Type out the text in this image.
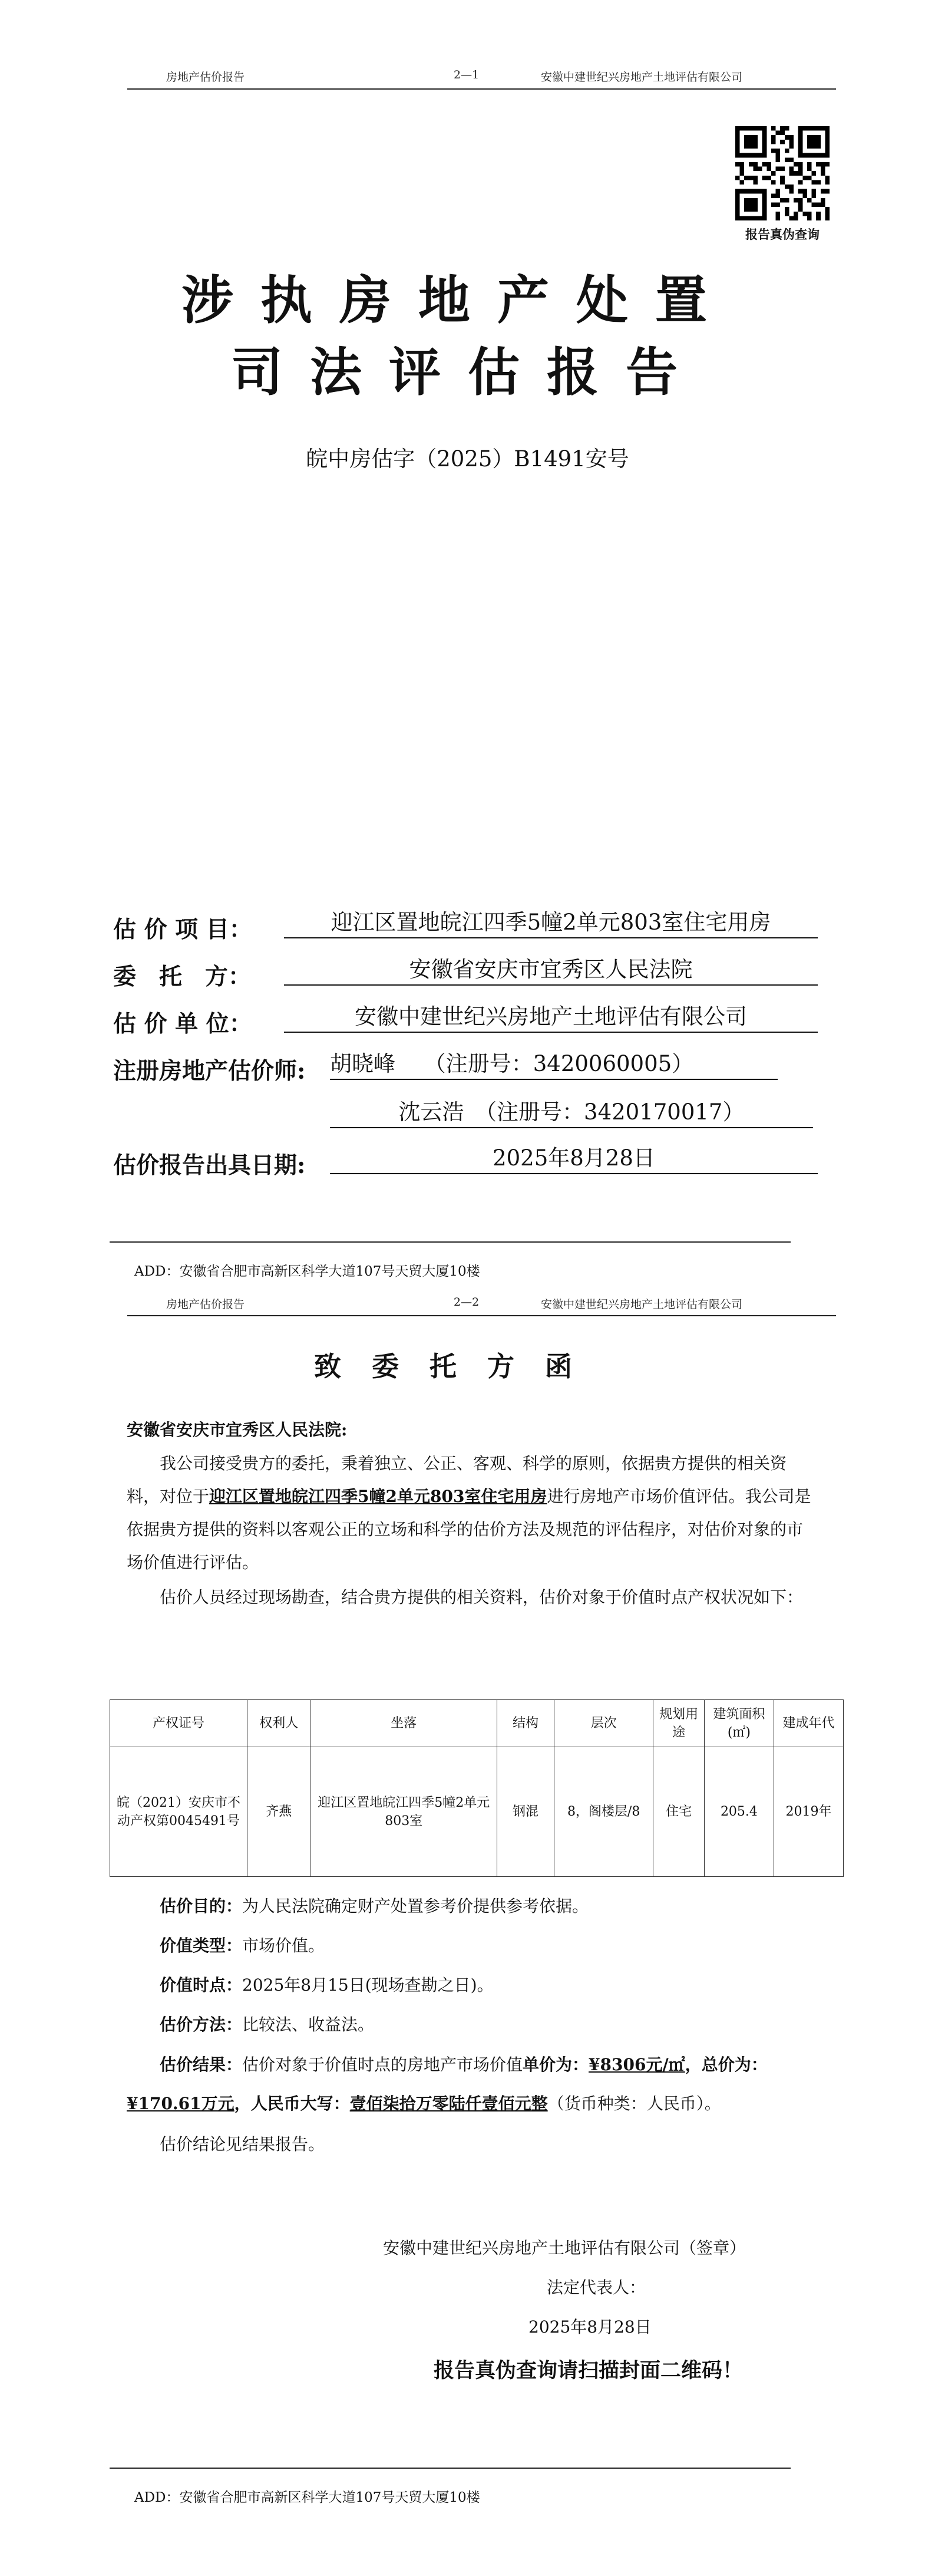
房地产估价报告	2—1	安徽中建世纪兴房地产土地评估有限公司
报告真伪查询
涉执房地产处置
司法评估报告
皖中房估字（2025）B1491安号
估 价 项 目：	迎江区置地皖江四季5幢2单元803室住宅用房
委　托　方：	安徽省安庆市宜秀区人民法院
估 价 单 位：	安徽中建世纪兴房地产土地评估有限公司
注册房地产估价师: 胡晓峰　 （注册号：3420060005）
沈云浩　（注册号：3420170017）
估价报告出具日期:	2025年8月28日
ADD：安徽省合肥市高新区科学大道107号天贸大厦10楼
房地产估价报告	2—2	安徽中建世纪兴房地产土地评估有限公司
致委托方函
安徽省安庆市宜秀区人民法院:

我公司接受贵方的委托，秉着独立、公正、客观、科学的原则，依据贵方提供的相关资料，对位于迎江区置地皖江四季5幢2单元803室住宅用房进行房地产市场价值评估。我公司是依据贵方提供的资料以客观公正的立场和科学的估价方法及规范的评估程序，对估价对象的市场价值进行评估。

估价人员经过现场勘查，结合贵方提供的相关资料，估价对象于价值时点产权状况如下：

产权证号	权利人	坐落	结构	层次	规划用途	建筑面积(㎡)	建成年代
皖（2021）安庆市不动产权第0045491号	齐燕	迎江区置地皖江四季5幢2单元803室	钢混	8，阁楼层/8	住宅	205.4	2019年
估价目的：为人民法院确定财产处置参考价提供参考依据。
价值类型：市场价值。
价值时点：2025年8月15日(现场查勘之日)。
估价方法：比较法、收益法。

估价结果：估价对象于价值时点的房地产市场价值单价为：¥8306元/㎡，总价为：¥170.61万元，人民币大写：壹佰柒拾万零陆仟壹佰元整（货币种类：人民币）。

估价结论见结果报告。
安徽中建世纪兴房地产土地评估有限公司（签章）
法定代表人：
2025年8月28日
报告真伪查询请扫描封面二维码！
ADD：安徽省合肥市高新区科学大道107号天贸大厦10楼
